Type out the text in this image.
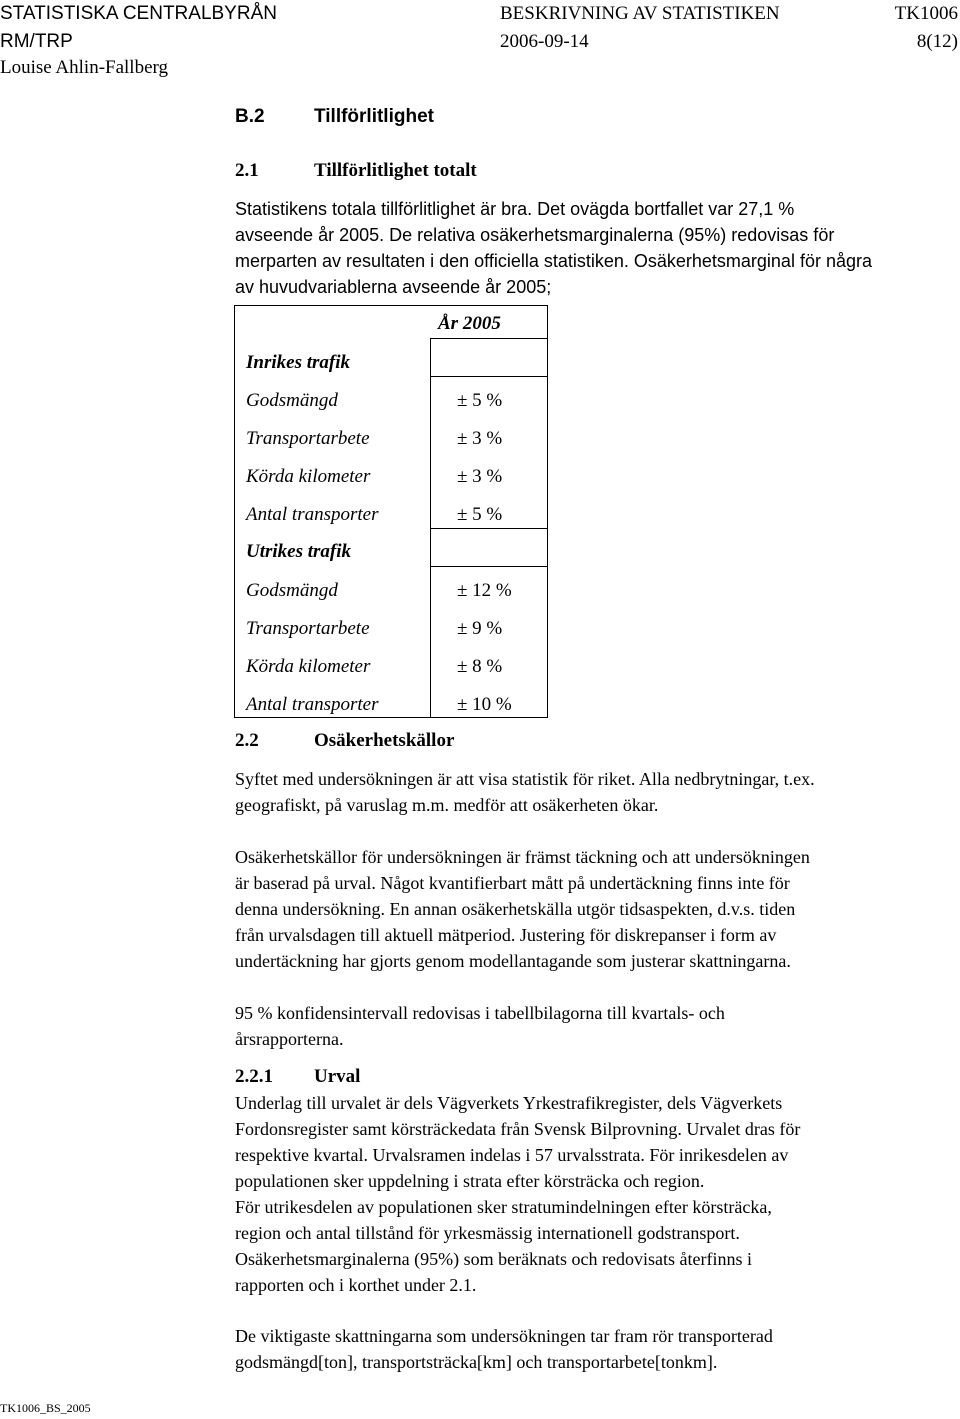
STATISTISKA CENTRALBYRÅN	BESKRIVNING AV STATISTIKEN	TK1006
RM/TRP	2006-09-14	8(12)
Louise Ahlin-Fallberg
B.2	Tillförlitlighet
2.1	Tillförlitlighet totalt

Statistikens totala tillförlitlighet är bra. Det ovägda bortfallet var 27,1 %
avseende år 2005. De relativa osäkerhetsmarginalerna (95%) redovisas för
merparten av resultaten i den officiella statistiken. Osäkerhetsmarginal för några
av huvudvariablerna avseende år 2005;

År 2005
Inrikes trafik
Godsmängd	± 5 %
Transportarbete	± 3 %
Körda kilometer	± 3 %
Antal transporter	± 5 %
Utrikes trafik
Godsmängd	± 12 %
Transportarbete	± 9 %
Körda kilometer	± 8 %
Antal transporter	± 10 %
2.2	Osäkerhetskällor

Syftet med undersökningen är att visa statistik för riket. Alla nedbrytningar, t.ex.
geografiskt, på varuslag m.m. medför att osäkerheten ökar.

Osäkerhetskällor för undersökningen är främst täckning och att undersökningen
är baserad på urval. Något kvantifierbart mått på undertäckning finns inte för
denna undersökning. En annan osäkerhetskälla utgör tidsaspekten, d.v.s. tiden
från urvalsdagen till aktuell mätperiod. Justering för diskrepanser i form av
undertäckning har gjorts genom modellantagande som justerar skattningarna.

95 % konfidensintervall redovisas i tabellbilagorna till kvartals- och
årsrapporterna.

2.2.1 Urval

Underlag till urvalet är dels Vägverkets Yrkestrafikregister, dels Vägverkets
Fordonsregister samt körsträckedata från Svensk Bilprovning. Urvalet dras för
respektive kvartal. Urvalsramen indelas i 57 urvalsstrata. För inrikesdelen av
populationen sker uppdelning i strata efter körsträcka och region.
För utrikesdelen av populationen sker stratumindelningen efter körsträcka,
region och antal tillstånd för yrkesmässig internationell godstransport.
Osäkerhetsmarginalerna (95%) som beräknats och redovisats återfinns i
rapporten och i korthet under 2.1.

De viktigaste skattningarna som undersökningen tar fram rör transporterad
godsmängd[ton], transportsträcka[km] och transportarbete[tonkm].

TK1006_BS_2005
